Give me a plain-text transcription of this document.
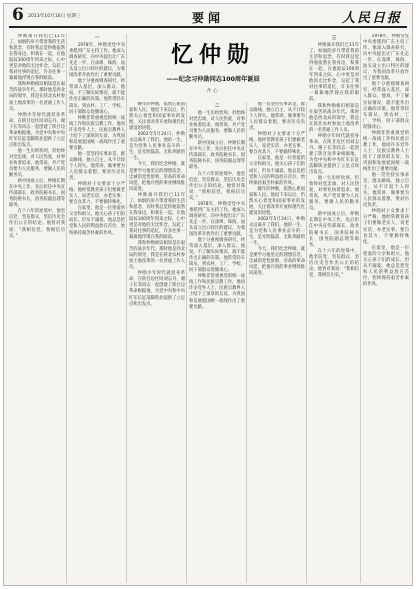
6 2013年10月16日 星期三	要闻	人民日报
忆仲勋
——纪念习仲勋同志100周年诞辰
齐心

仲勋离开我们已11年了。如烟的岁月带着我的生活和思念，有时我总觉得他依然在我身边，和我在一起。在他诞辰100周年到来之际，心中更是对他的无比怀念，勾起了我对往事的追忆，许多往事一幕幕地浮现在我的眼前。

我和仲勋相识相知是在艰苦的战争年代。那时他是西北局的领导，我是在陕北农村参加土地改革的一名普通工作人员。

仲勋少年时代就投身革命，在陕甘边区同刘志丹、谢子长等同志一起创建了陕甘边革命根据地，为党中央和中央红军长征落脚陕北提供了立足点和出发点。

他一生历经坎坷，但始终对党忠诚、对人民热爱，对事业执着追求。他常说，共产党员要为人民服务，要做人民的勤务员。

新中国成立后，仲勋长期在中央工作，先后担任中央宣传部部长、政务院秘书长、国务院秘书长、国务院副总理等职务。

在十六年的逆境中，他坚信党、坚信群众，坚信历史会作出公正的结论。他曾对我说：“我相信党，我相信历史。”

一

1978年，仲勋受党中央委派到广东主持工作。他深入调查研究，向中央提出让广东先走一步，在深圳、珠海、汕头设立出口特区的建议，为我国改革开放作出了重要贡献。

他十分重视调查研究，经常深入基层，深入群众。他说，不了解实际情况，就不能作出正确的决策。他常常轻车简从，到农村、工厂、学校，同干部群众促膝谈心。

仲勋非常重视党的统一战线工作和民族宗教工作，他同许多党外人士、民族宗教界人士结下了深厚的友谊，为巩固和发展爱国统一战线作出了重要贡献。

他一贯坚持实事求是、群众路线、独立自主，从不计较个人得失。他常讲，做事要为人民群众着想，要对历史负责。

仲勋对子女要求十分严格。他经常教育孩子们要做老实人、说老实话、办老实事，要自食其力，不要搞特殊化。

在家里，他是一位慈爱的父亲和祖父。他关心孩子们的成长，但从不溺爱。他总是把党和人民的利益放在首位，始终保持艰苦朴素的作风。

晚年的仲勋，依然心系国家和人民。他退下来以后，仍然关心着党和国家事业的发展，关注着改革开放和现代化建设的进程。

2002年5月24日，仲勋永远离开了我们。他的一生，是为党和人民事业奋斗的一生，是光明磊落、无私奉献的一生。

今天，我们纪念仲勋，就是要学习他坚定的理想信念、忠诚的党性原则、崇高的革命风范，把他开创的事业继续推向前进。

仲勋离开我们已11年了。如烟的岁月带着我的生活和思念，有时我总觉得他依然在我身边，和我在一起。在他诞辰100周年到来之际，心中更是对他的无比怀念，勾起了我对往事的追忆，许多往事一幕幕地浮现在我的眼前。

我和仲勋相识相知是在艰苦的战争年代。那时他是西北局的领导，我是在陕北农村参加土地改革的一名普通工作人员。

仲勋少年时代就投身革命，在陕甘边区同刘志丹、谢子长等同志一起创建了陕甘边革命根据地，为党中央和中央红军长征落脚陕北提供了立足点和出发点。

二

他一生历经坎坷，但始终对党忠诚、对人民热爱，对事业执着追求。他常说，共产党员要为人民服务，要做人民的勤务员。

新中国成立后，仲勋长期在中央工作，先后担任中央宣传部部长、政务院秘书长、国务院秘书长、国务院副总理等职务。

在十六年的逆境中，他坚信党、坚信群众，坚信历史会作出公正的结论。他曾对我说：“我相信党，我相信历史。”

1978年，仲勋受党中央委派到广东主持工作。他深入调查研究，向中央提出让广东先走一步，在深圳、珠海、汕头设立出口特区的建议，为我国改革开放作出了重要贡献。

他十分重视调查研究，经常深入基层，深入群众。他说，不了解实际情况，就不能作出正确的决策。他常常轻车简从，到农村、工厂、学校，同干部群众促膝谈心。

仲勋非常重视党的统一战线工作和民族宗教工作，他同许多党外人士、民族宗教界人士结下了深厚的友谊，为巩固和发展爱国统一战线作出了重要贡献。

他一贯坚持实事求是、群众路线、独立自主，从不计较个人得失。他常讲，做事要为人民群众着想，要对历史负责。

仲勋对子女要求十分严格。他经常教育孩子们要做老实人、说老实话、办老实事，要自食其力，不要搞特殊化。

在家里，他是一位慈爱的父亲和祖父。他关心孩子们的成长，但从不溺爱。他总是把党和人民的利益放在首位，始终保持艰苦朴素的作风。

晚年的仲勋，依然心系国家和人民。他退下来以后，仍然关心着党和国家事业的发展，关注着改革开放和现代化建设的进程。

2002年5月24日，仲勋永远离开了我们。他的一生，是为党和人民事业奋斗的一生，是光明磊落、无私奉献的一生。

今天，我们纪念仲勋，就是要学习他坚定的理想信念、忠诚的党性原则、崇高的革命风范，把他开创的事业继续推向前进。

三

仲勋离开我们已11年了。如烟的岁月带着我的生活和思念，有时我总觉得他依然在我身边，和我在一起。在他诞辰100周年到来之际，心中更是对他的无比怀念，勾起了我对往事的追忆，许多往事一幕幕地浮现在我的眼前。

我和仲勋相识相知是在艰苦的战争年代。那时他是西北局的领导，我是在陕北农村参加土地改革的一名普通工作人员。

仲勋少年时代就投身革命，在陕甘边区同刘志丹、谢子长等同志一起创建了陕甘边革命根据地，为党中央和中央红军长征落脚陕北提供了立足点和出发点。

他一生历经坎坷，但始终对党忠诚、对人民热爱，对事业执着追求。他常说，共产党员要为人民服务，要做人民的勤务员。

新中国成立后，仲勋长期在中央工作，先后担任中央宣传部部长、政务院秘书长、国务院秘书长、国务院副总理等职务。

在十六年的逆境中，他坚信党、坚信群众，坚信历史会作出公正的结论。他曾对我说：“我相信党，我相信历史。”

1978年，仲勋受党中央委派到广东主持工作。他深入调查研究，向中央提出让广东先走一步，在深圳、珠海、汕头设立出口特区的建议，为我国改革开放作出了重要贡献。

他十分重视调查研究，经常深入基层，深入群众。他说，不了解实际情况，就不能作出正确的决策。他常常轻车简从，到农村、工厂、学校，同干部群众促膝谈心。

仲勋非常重视党的统一战线工作和民族宗教工作，他同许多党外人士、民族宗教界人士结下了深厚的友谊，为巩固和发展爱国统一战线作出了重要贡献。

他一贯坚持实事求是、群众路线、独立自主，从不计较个人得失。他常讲，做事要为人民群众着想，要对历史负责。

仲勋对子女要求十分严格。他经常教育孩子们要做老实人、说老实话、办老实事，要自食其力，不要搞特殊化。

在家里，他是一位慈爱的父亲和祖父。他关心孩子们的成长，但从不溺爱。他总是把党和人民的利益放在首位，始终保持艰苦朴素的作风。
